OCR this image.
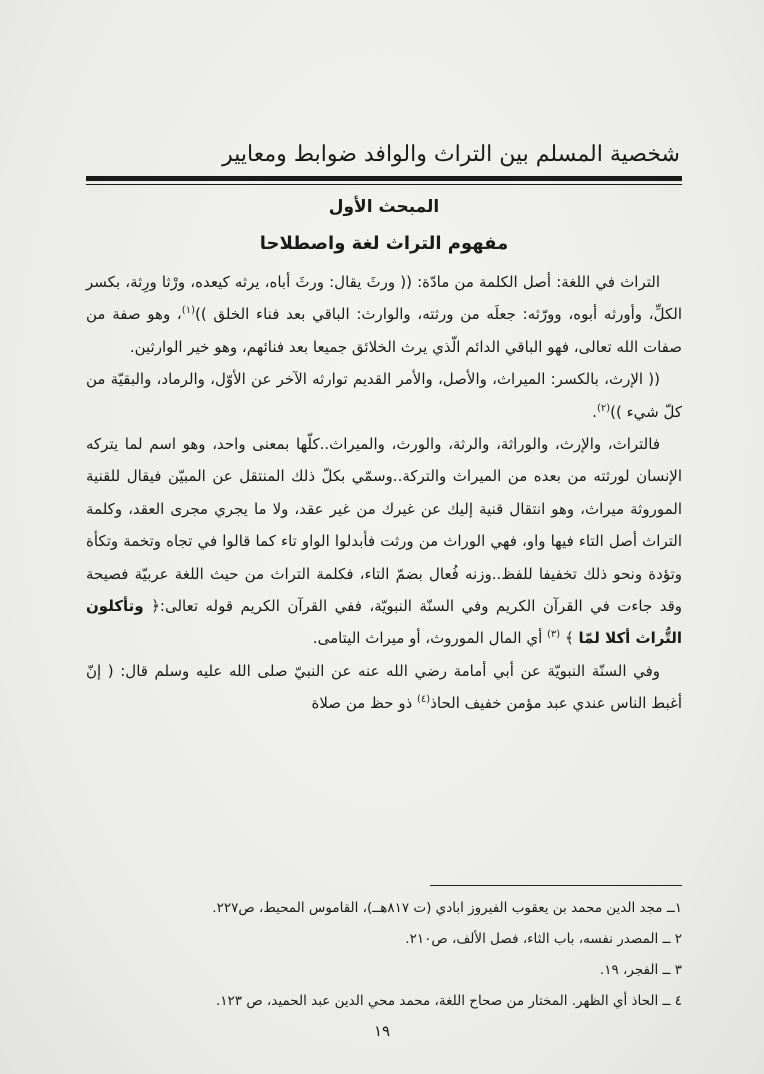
شخصية المسلم بين التراث والوافد ضوابط ومعايير
المبحث الأول
مفهوم التراث لغة واصطلاحا

التراث في اللغة: أصل الكلمة من مادّة: (( ورثَ يقال: ورثَ أباه، يرثه كيعده، ورْثا ورِثة، بكسر الكلِّ، وأورثه أبوه، وورّثه: جعلَه من ورثته، والوارث: الباقي بعد فناء الخلق ))$^{(١)}$، وهو صفة من صفات الله تعالى، فهو الباقي الدائم الّذي يرث الخلائق جميعا بعد فنائهم، وهو خير الوارثين.

(( الإرث، بالكسر: الميراث، والأصل، والأمر القديم توارثه الآخر عن الأوّل، والرماد، والبقيّة من كلّ شيء ))$^{(٢)}$.

فالتراث، والإرث، والوراثة، والرثة، والورث، والميراث..كلّها بمعنى واحد، وهو اسم لما يتركه الإنسان لورثته من بعده من الميراث والتركة..وسمّي بكلّ ذلك المنتقل عن المبيّن فيقال للقنية الموروثة ميراث، وهو انتقال قنية إليك عن غيرك من غير عقد، ولا ما يجري مجرى العقد، وكلمة التراث أصل التاء فيها واو، فهي الوراث من ورثت فأبدلوا الواو تاء كما قالوا في تجاه وتخمة وتكأة وتؤدة ونحو ذلك تخفيفا للفظ..وزنه فُعال بضمّ التاء، فكلمة التراث من حيث اللغة عربيّة فصيحة وقد جاءت في القرآن الكريم وفي السنّة النبويّة، ففي القرآن الكريم قوله تعالى:﴿ وتأكلون التُّراث أكلا لمّا ﴾ $^{(٣)}$ أي المال الموروث، أو ميراث اليتامى.

وفي السنّة النبويّة عن أبي أمامة رضي الله عنه عن النبيّ صلى الله عليه وسلم قال: ( إنّ أغبط الناس عندي عبد مؤمن خفيف الحاذ$^{(٤)}$ ذو حظ من صلاة

١ــ مجد الدين محمد بن يعقوب الفيروز ابادي (ت ٨١٧هــ)، القاموس المحيط، ص٢٢٧.
٢ ــ المصدر نفسه، باب الثاء، فصل الألف، ص٢١٠.
٣ ــ الفجر، ١٩.
٤ ــ الحاذ أي الظهر. المختار من صحاح اللغة، محمد محي الدين عبد الحميد، ص ١٢٣.
١٩
